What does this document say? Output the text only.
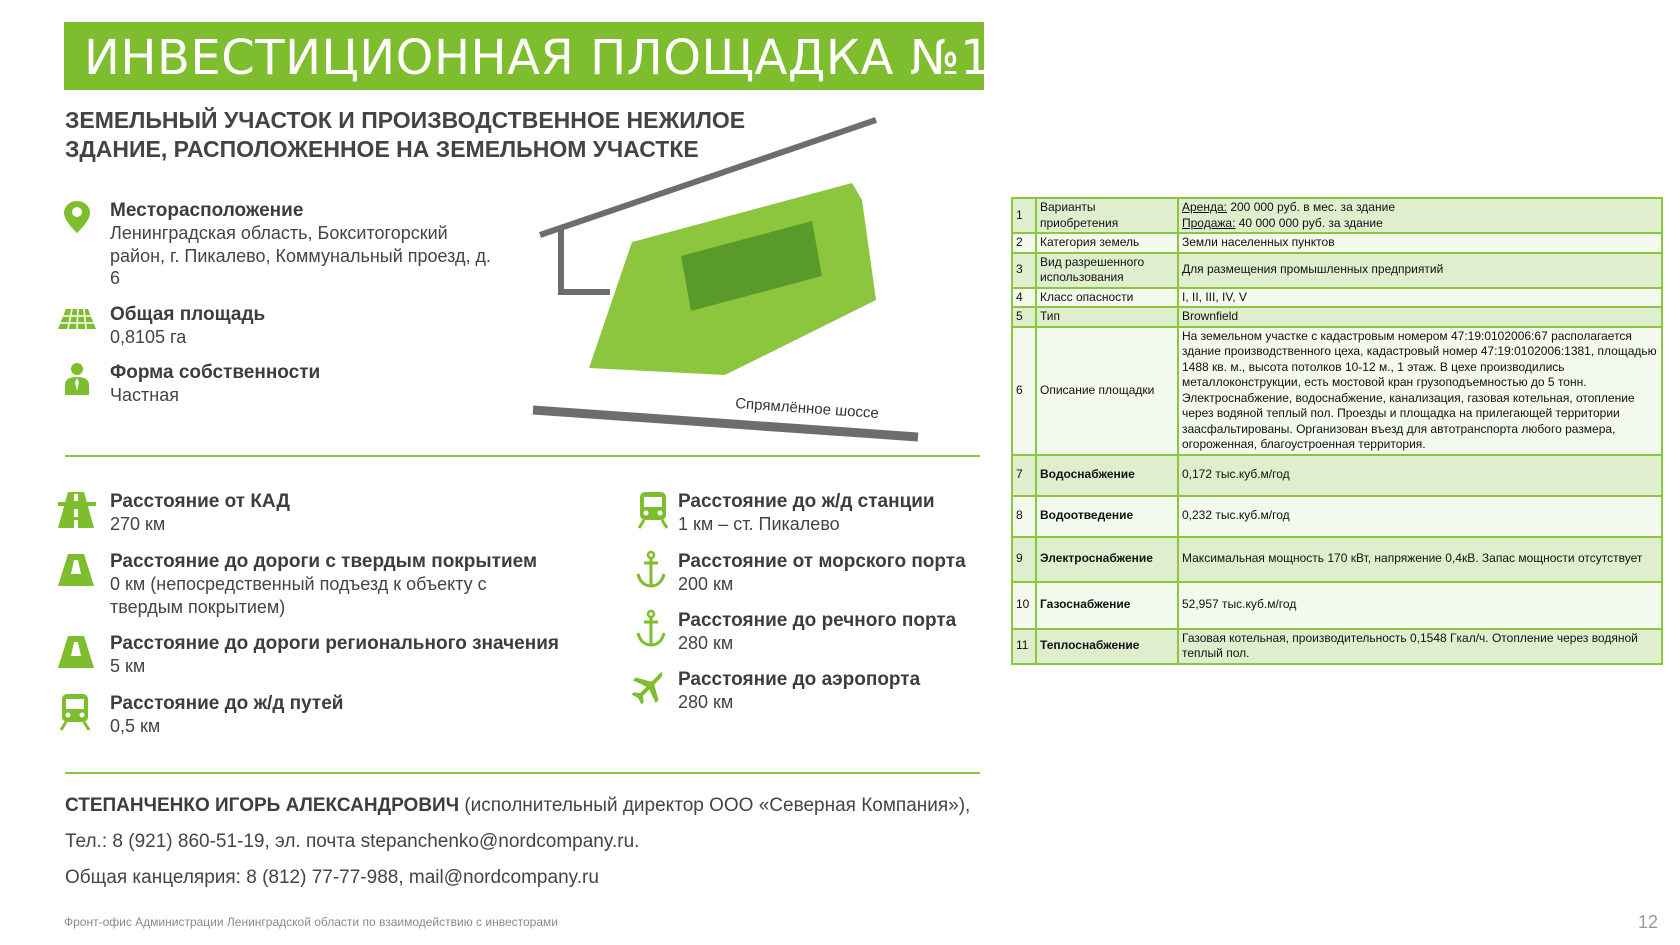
ИНВЕСТИЦИОННАЯ ПЛОЩАДКА №1
ЗЕМЕЛЬНЫЙ УЧАСТОК И ПРОИЗВОДСТВЕННОЕ НЕЖИЛОЕ ЗДАНИЕ, РАСПОЛОЖЕННОЕ НА ЗЕМЕЛЬНОМ УЧАСТКЕ
Месторасположение
Ленинградская область, Бокситогорский район, г. Пикалево, Коммунальный проезд, д. 6
Общая площадь
0,8105 га
Форма собственности
Частная
Спрямлённое шоссе
Расстояние от КАД
270 км
Расстояние до дороги с твердым покрытием
0 км (непосредственный подъезд к объекту с твердым покрытием)
Расстояние до дороги регионального значения
5 км
Расстояние до ж/д путей
0,5 км
Расстояние до ж/д станции
1 км – ст. Пикалево
Расстояние от морского порта
200 км
Расстояние до речного порта
280 км
Расстояние до аэропорта
280 км
СТЕПАНЧЕНКО ИГОРЬ АЛЕКСАНДРОВИЧ (исполнительный директор ООО «Северная Компания»),
Тел.: 8 (921) 860-51-19, эл. почта stepanchenko@nordcompany.ru.
Общая канцелярия: 8 (812) 77-77-988, mail@nordcompany.ru
Фронт-офис Администрации Ленинградской области по взаимодействию с инвесторами	12
1	Варианты приобретения	Аренда: 200 000 руб. в мес. за здание
Продажа: 40 000 000 руб. за здание
2	Категория земель	Земли населенных пунктов
3	Вид разрешенного использования	Для размещения промышленных предприятий
4	Класс опасности	I, II, III, IV, V
5	Тип	Brownfield
6	Описание площадки	На земельном участке с кадастровым номером 47:19:0102006:67 располагается здание производственного цеха, кадастровый номер 47:19:0102006:1381, площадью 1488 кв. м., высота потолков 10-12 м., 1 этаж. В цехе производились металлоконструкции, есть мостовой кран грузоподъемностью до 5 тонн. Электроснабжение, водоснабжение, канализация, газовая котельная, отопление через водяной теплый пол. Проезды и площадка на прилегающей территории заасфальтированы. Организован въезд для автотранспорта любого размера, огороженная, благоустроенная территория.
7	Водоснабжение	0,172 тыс.куб.м/год
8	Водоотведение	0,232 тыс.куб.м/год
9	Электроснабжение	Максимальная мощность 170 кВт, напряжение 0,4кВ. Запас мощности отсутствует
10	Газоснабжение	52,957 тыс.куб.м/год
11	Теплоснабжение	Газовая котельная, производительность 0,1548 Гкал/ч. Отопление через водяной теплый пол.
